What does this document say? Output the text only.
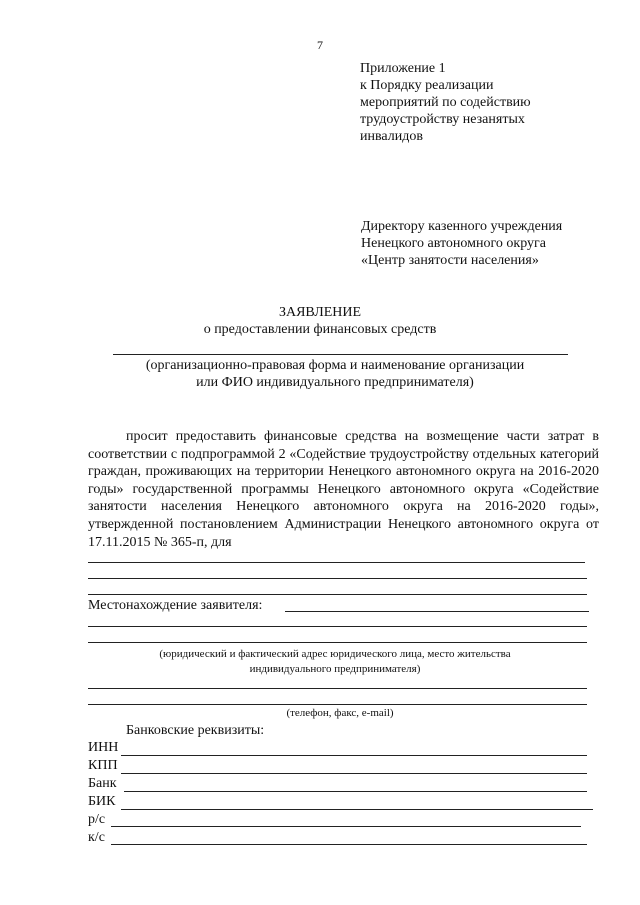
7
Приложение 1
к Порядку реализации
мероприятий по содействию
трудоустройству незанятых
инвалидов
Директору казенного учреждения
Ненецкого автономного округа
«Центр занятости населения»
ЗАЯВЛЕНИЕ
о предоставлении финансовых средств
(организационно-правовая форма и наименование организации
или ФИО индивидуального предпринимателя)
просит предоставить финансовые средства на возмещение части затрат в соответствии с подпрограммой 2 «Содействие трудоустройству отдельных категорий граждан, проживающих на территории Ненецкого автономного округа на 2016-2020 годы» государственной программы Ненецкого автономного округа «Содействие занятости населения Ненецкого автономного округа на 2016-2020 годы», утвержденной постановлением Администрации Ненецкого автономного округа от 17.11.2015 № 365-п, для
Местонахождение заявителя:
(юридический и фактический адрес юридического лица, место жительства
индивидуального предпринимателя)
(телефон, факс, e-mail)
Банковские реквизиты:
ИНН
КПП
Банк
БИК
р/с
к/с
